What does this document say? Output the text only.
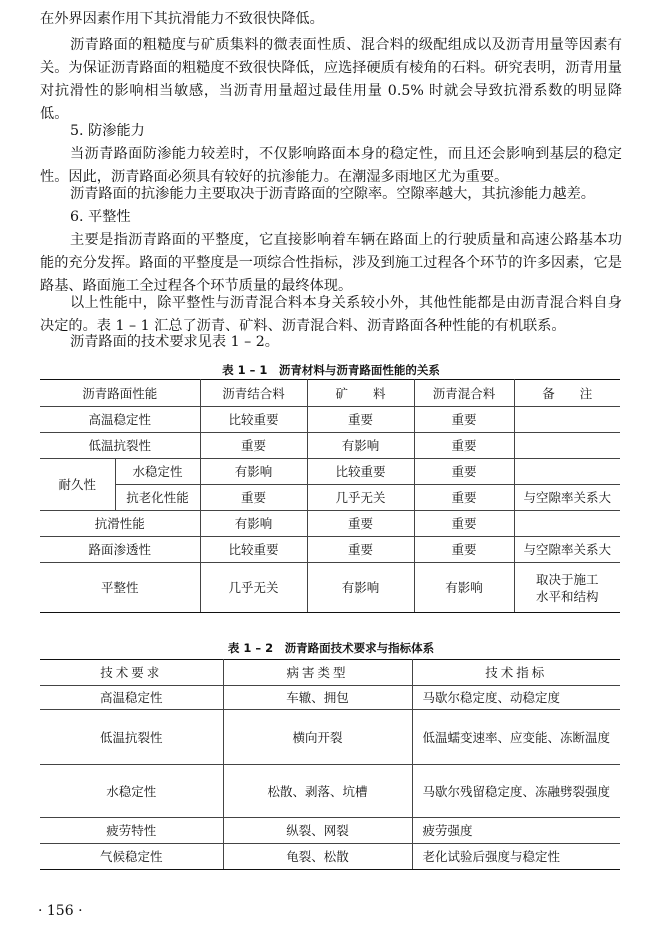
在外界因素作用下其抗滑能力不致很快降低。

沥青路面的粗糙度与矿质集料的微表面性质、混合料的级配组成以及沥青用量等因素有关。为保证沥青路面的粗糙度不致很快降低，应选择硬质有棱角的石料。研究表明，沥青用量对抗滑性的影响相当敏感，当沥青用量超过最佳用量 0.5% 时就会导致抗滑系数的明显降低。

5. 防渗能力

当沥青路面防渗能力较差时，不仅影响路面本身的稳定性，而且还会影响到基层的稳定性。因此，沥青路面必须具有较好的抗渗能力。在潮湿多雨地区尤为重要。

沥青路面的抗渗能力主要取决于沥青路面的空隙率。空隙率越大，其抗渗能力越差。

6. 平整性

主要是指沥青路面的平整度，它直接影响着车辆在路面上的行驶质量和高速公路基本功能的充分发挥。路面的平整度是一项综合性指标，涉及到施工过程各个环节的许多因素，它是路基、路面施工全过程各个环节质量的最终体现。

以上性能中，除平整性与沥青混合料本身关系较小外，其他性能都是由沥青混合料自身决定的。表 1 – 1 汇总了沥青、矿料、沥青混合料、沥青路面各种性能的有机联系。

沥青路面的技术要求见表 1 – 2。

表 1 – 1　沥青材料与沥青路面性能的关系

沥青路面性能		沥青结合料	矿　　料	沥青混合料	备　　注
高温稳定性		比较重要	重要	重要	
低温抗裂性		重要	有影响	重要	
耐久性	水稳定性	有影响	比较重要	重要	
	抗老化性能	重要	几乎无关	重要	与空隙率关系大
抗滑性能		有影响	重要	重要	
路面渗透性		比较重要	重要	重要	与空隙率关系大
平整性		几乎无关	有影响	有影响	取决于施工
水平和结构

表 1 – 2　沥青路面技术要求与指标体系

技术要求	病害类型	技术指标
高温稳定性	车辙、拥包	马歇尔稳定度、动稳定度
低温抗裂性	横向开裂	低温蠕变速率、应变能、冻断温度
水稳定性	松散、剥落、坑槽	马歇尔残留稳定度、冻融劈裂强度
疲劳特性	纵裂、网裂	疲劳强度
气候稳定性	龟裂、松散	老化试验后强度与稳定性
· 156 ·
